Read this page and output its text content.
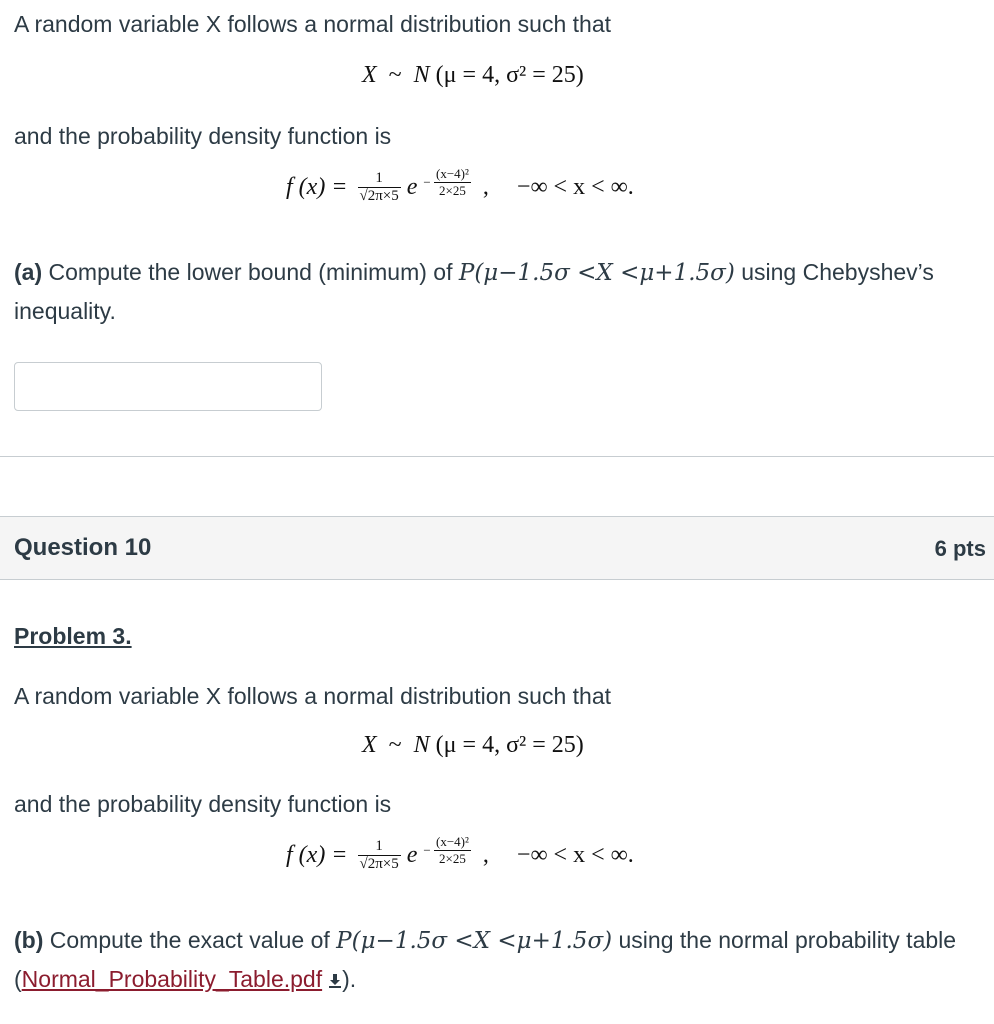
A random variable X follows a normal distribution such that
X ~ N (μ = 4, σ² = 25)
and the probability density function is
f $(x) = \frac{1}{√2\pi\times 5}$ $e - \frac{\text{(x−4)²}}{2\times 25}$ , −∞ < x < ∞.
(a) Compute the lower bound (minimum) of P(μ−1.5σ <X <μ+1.5σ) using Chebyshev’s inequality.
Question 10	6 pts
Problem 3.
A random variable X follows a normal distribution such that
X ~ N (μ = 4, σ² = 25)
and the probability density function is
f $(x) = \frac{1}{√2\pi\times 5}$ $e - \frac{\text{(x−4)²}}{2\times 25}$ , −∞ < x < ∞.
(b) Compute the exact value of P(μ−1.5σ <X <μ+1.5σ) using the normal probability table (Normal_Probability_Table.pdf ).
